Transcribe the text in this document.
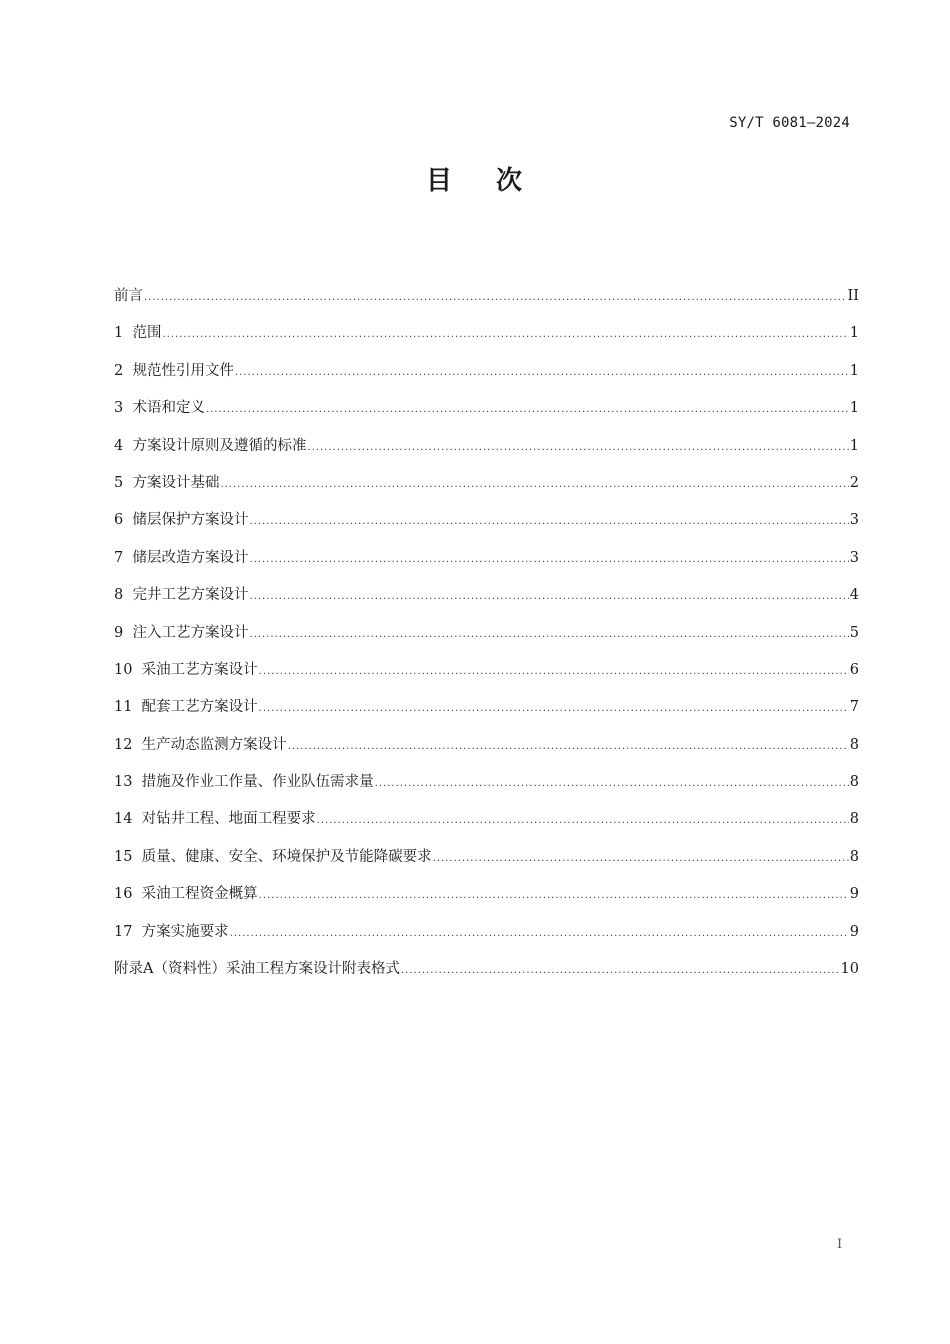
SY/T 6081—2024
目 次
前言 .....	II
1  范围 .....	1
2  规范性引用文件 .....	1
3  术语和定义 .....	1
4  方案设计原则及遵循的标准 .....	1
5  方案设计基础 .....	2
6  储层保护方案设计 .....	3
7  储层改造方案设计 .....	3
8  完井工艺方案设计 .....	4
9  注入工艺方案设计 .....	5
10  采油工艺方案设计 .....	6
11  配套工艺方案设计 .....	7
12  生产动态监测方案设计 .....	8
13  措施及作业工作量、作业队伍需求量 .....	8
14  对钻井工程、地面工程要求 .....	8
15  质量、健康、安全、环境保护及节能降碳要求 .....	8
16  采油工程资金概算 .....	9
17  方案实施要求 .....	9
附录A（资料性）采油工程方案设计附表格式 .....	10
I
